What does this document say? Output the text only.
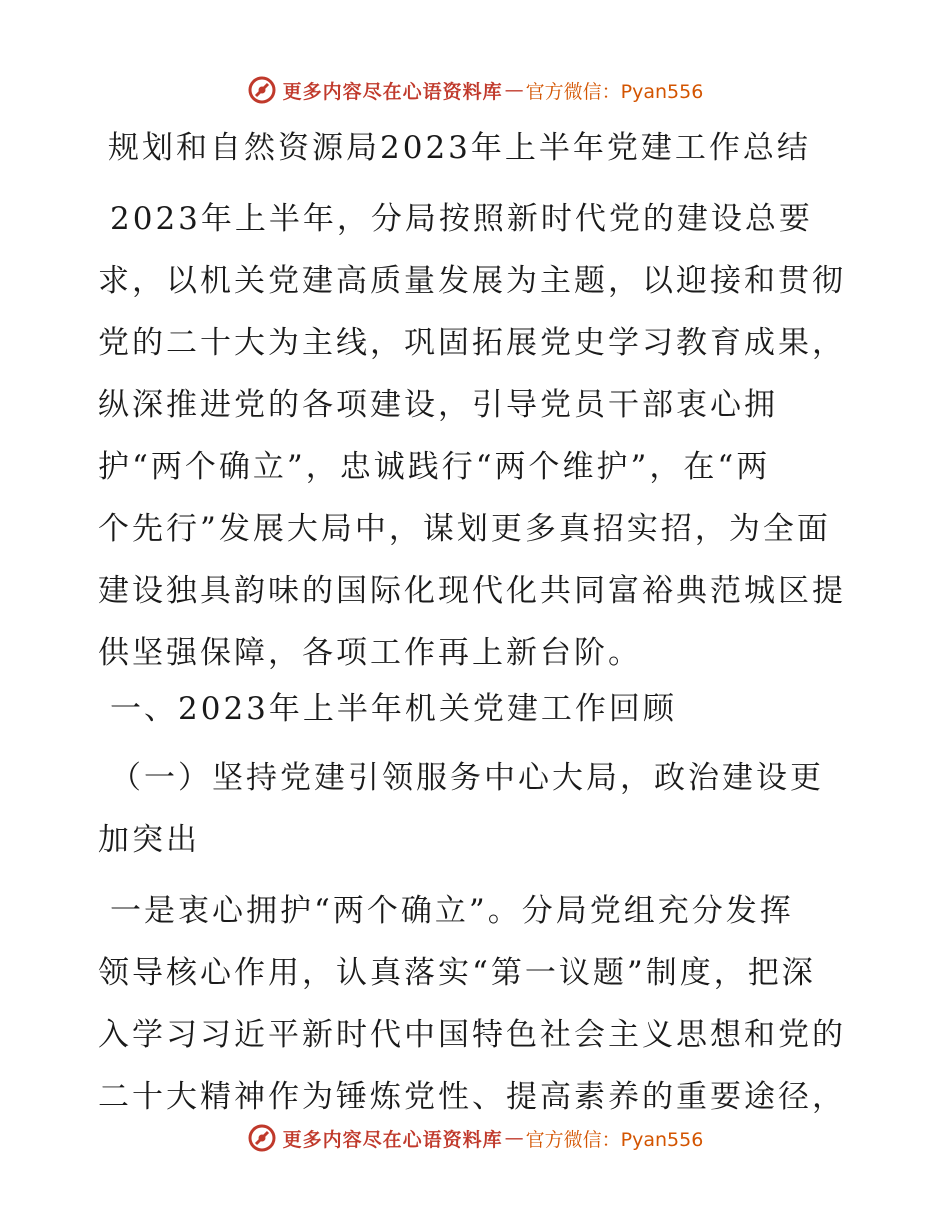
更多内容尽在心语资料库 — 官方微信：Pyan556
规划和自然资源局2023年上半年党建工作总结
2023年上半年，分局按照新时代党的建设总要
求，以机关党建高质量发展为主题，以迎接和贯彻
党的二十大为主线，巩固拓展党史学习教育成果，
纵深推进党的各项建设，引导党员干部衷心拥
护“两个确立”，忠诚践行“两个维护”，在“两
个先行”发展大局中，谋划更多真招实招，为全面
建设独具韵味的国际化现代化共同富裕典范城区提
供坚强保障，各项工作再上新台阶。
一、2023年上半年机关党建工作回顾
（一）坚持党建引领服务中心大局，政治建设更
加突出
一是衷心拥护“两个确立”。分局党组充分发挥
领导核心作用，认真落实“第一议题”制度，把深
入学习习近平新时代中国特色社会主义思想和党的
二十大精神作为锤炼党性、提高素养的重要途径，
更多内容尽在心语资料库 — 官方微信：Pyan556
